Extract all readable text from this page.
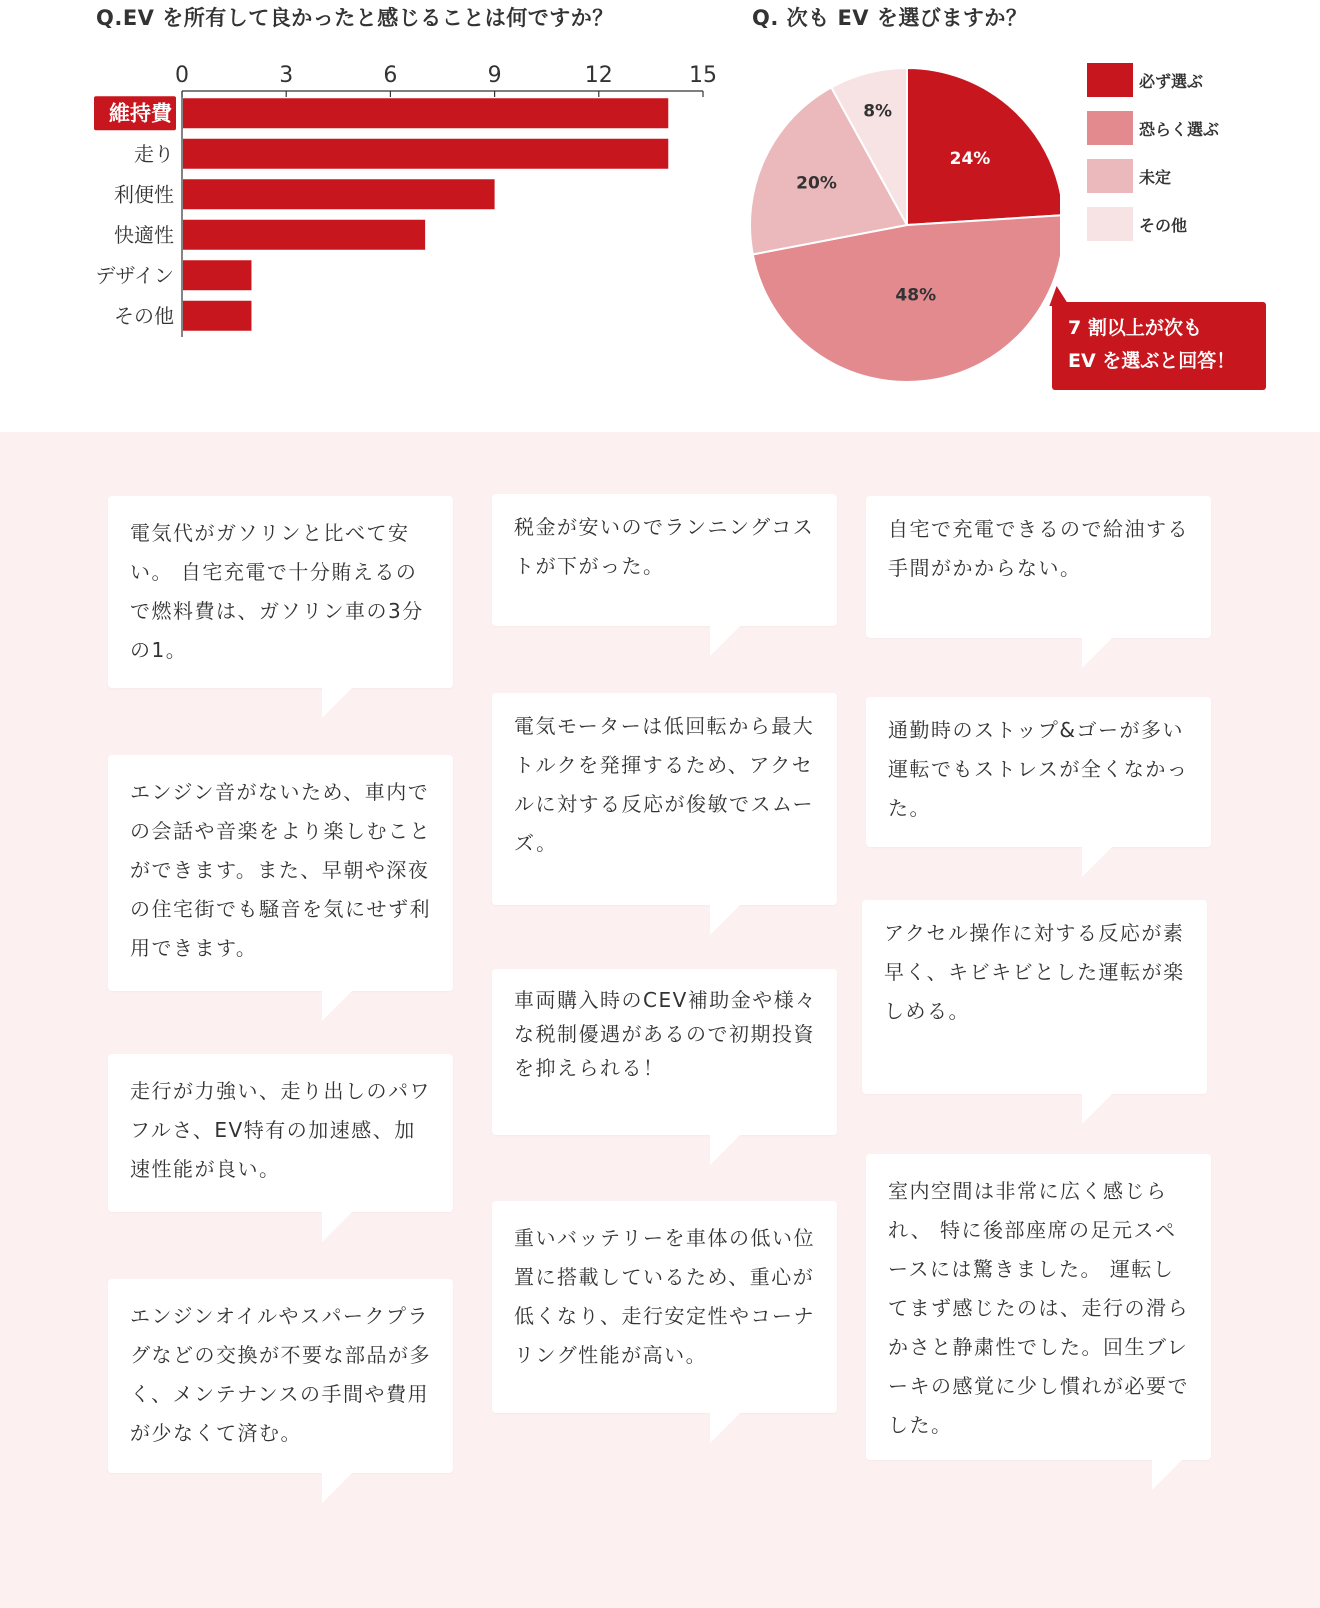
Q.EV を所有して良かったと感じることは何ですか？
0	3	6	9	12	15
維持費
走り
利便性
快適性
デザイン
その他
Q. 次も EV を選びますか？
24%
48%
20%
8%
必ず選ぶ
恐らく選ぶ
未定
その他
7 割以上が次も
EV を選ぶと回答！
電気代がガソリンと比べて安い。 自宅充電で十分賄えるので燃料費は、ガソリン車の3分の1。
エンジン音がないため、車内での会話や音楽をより楽しむことができます。また、早朝や深夜の住宅街でも騒音を気にせず利用できます。
走行が力強い、走り出しのパワフルさ、EV特有の加速感、加速性能が良い。
エンジンオイルやスパークプラグなどの交換が不要な部品が多く、メンテナンスの手間や費用が少なくて済む。
税金が安いのでランニングコストが下がった。
電気モーターは低回転から最大トルクを発揮するため、アクセルに対する反応が俊敏でスムーズ。
車両購入時のCEV補助金や様々な税制優遇があるので初期投資を抑えられる！
重いバッテリーを車体の低い位置に搭載しているため、重心が低くなり、走行安定性やコーナリング性能が高い。
自宅で充電できるので給油する手間がかからない。
通勤時のストップ&ゴーが多い運転でもストレスが全くなかった。
アクセル操作に対する反応が素早く、キビキビとした運転が楽しめる。
室内空間は非常に広く感じられ、 特に後部座席の足元スペースには驚きました。 運転してまず感じたのは、走行の滑らかさと静粛性でした。回生ブレーキの感覚に少し慣れが必要でした。
